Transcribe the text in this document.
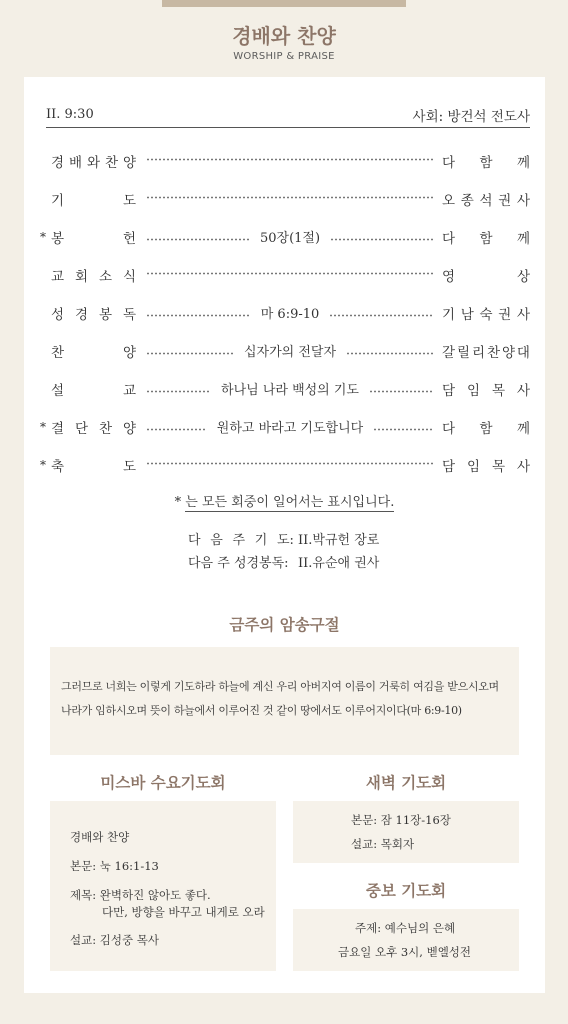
경배와 찬양
WORSHIP & PRAISE
II. 9:30	사회: 방건석 전도사
경 배 와 찬 양	다 함 께
기	도	오 종 석 권 사
* 봉	헌	50장(1절)	다 함 께
교 회 소 식	영	상
성 경 봉 독	마 6:9-10	기 남 숙 권 사
찬	양	십자가의 전달자	갈 릴 리 찬 양 대
설	교	하나님 나라 백성의 기도	담 임 목 사
* 결 단 찬 양	원하고 바라고 기도합니다	다 함 께
* 축	도	담 임 목 사
* 는 모든 회중이 일어서는 표시입니다.
다 음 주 기 도: II.박규헌 장로
다음 주 성경봉독: II.유순애 권사
금주의 암송구절
그러므로 너희는 이렇게 기도하라 하늘에 계신 우리 아버지여 이름이 거룩히 여김을 받으시오며
나라가 임하시오며 뜻이 하늘에서 이루어진 것 같이 땅에서도 이루어지이다(마 6:9-10)
미스바 수요기도회
경배와 찬양
본문: 눅 16:1-13
제목: 완벽하진 않아도 좋다.
다만, 방향을 바꾸고 내게로 오라
설교: 김성중 목사
새벽 기도회
본문: 잠 11장-16장
설교: 목회자
중보 기도회
주제: 예수님의 은혜
금요일 오후 3시, 벧엘성전
